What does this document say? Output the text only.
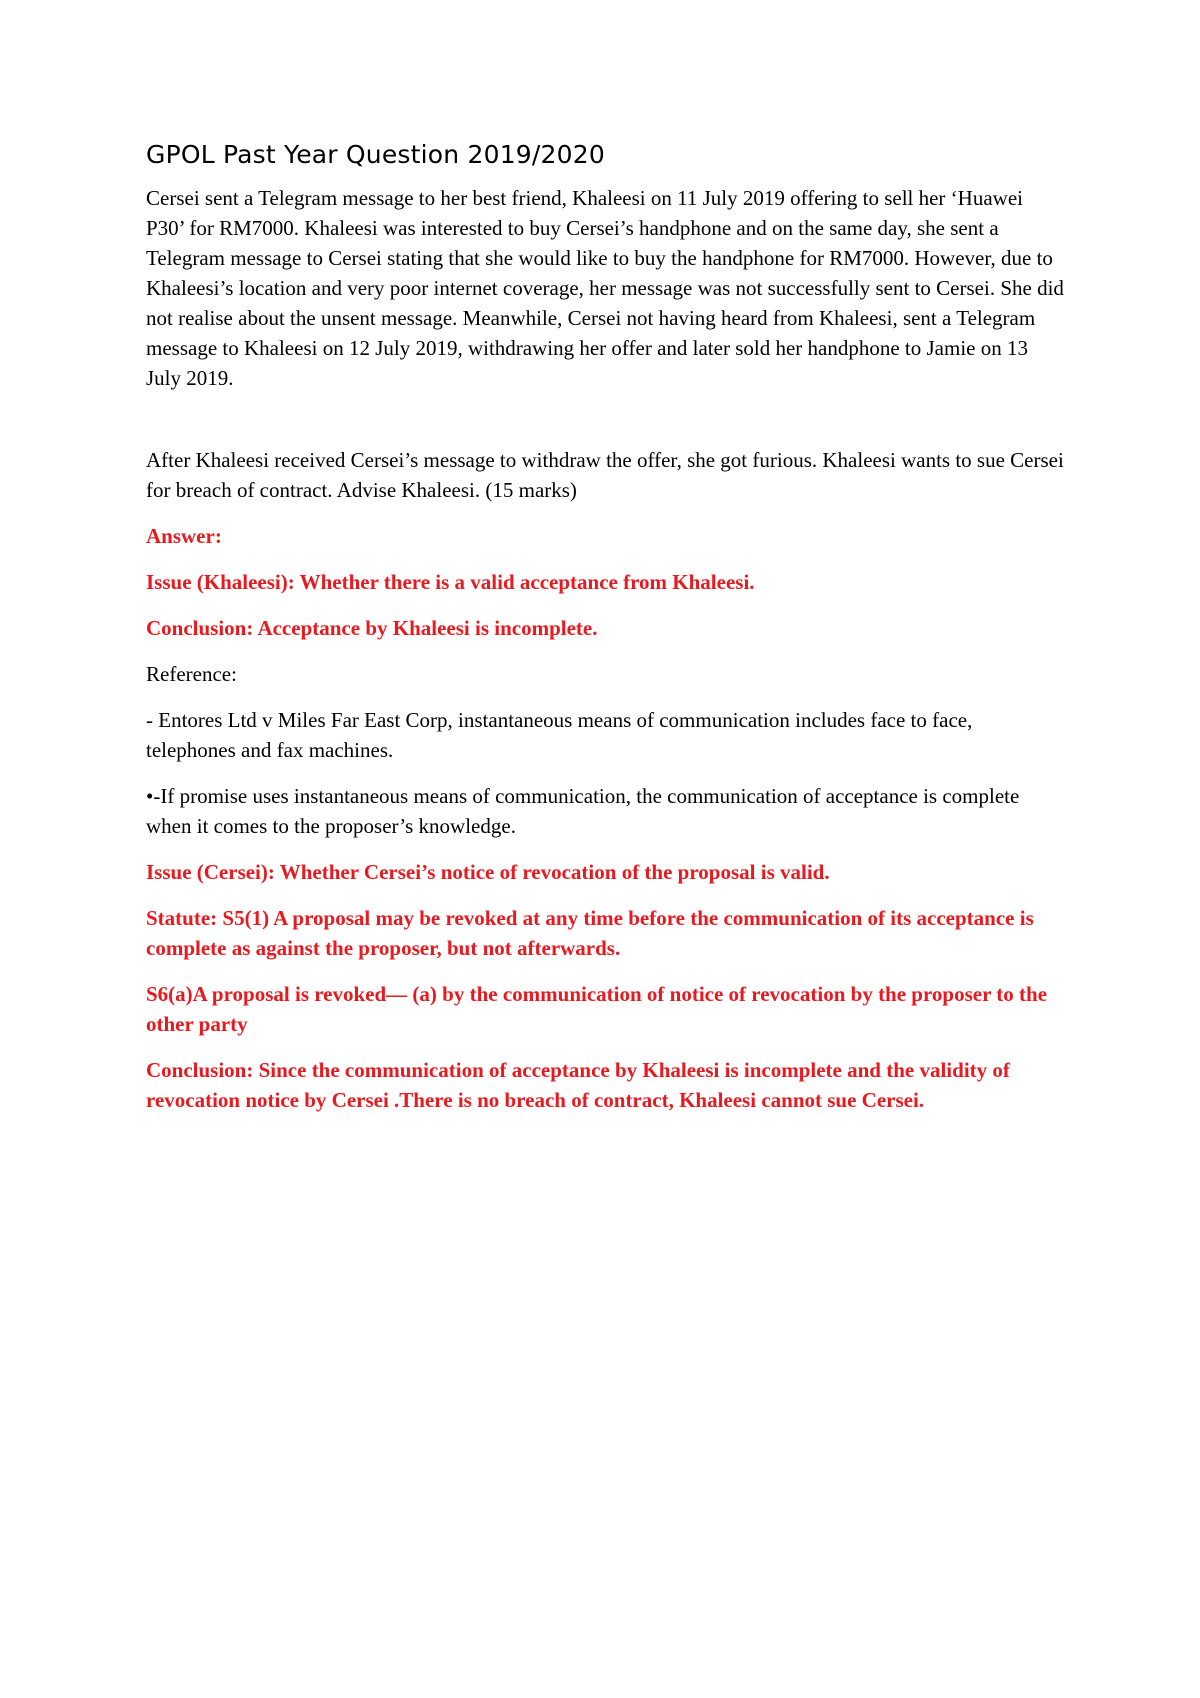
GPOL Past Year Question 2019/2020

Cersei sent a Telegram message to her best friend, Khaleesi on 11 July 2019 offering to sell her ‘Huawei P30’ for RM7000. Khaleesi was interested to buy Cersei’s handphone and on the same day, she sent a Telegram message to Cersei stating that she would like to buy the handphone for RM7000. However, due to Khaleesi’s location and very poor internet coverage, her message was not successfully sent to Cersei. She did not realise about the unsent message. Meanwhile, Cersei not having heard from Khaleesi, sent a Telegram message to Khaleesi on 12 July 2019, withdrawing her offer and later sold her handphone to Jamie on 13 July 2019.

After Khaleesi received Cersei’s message to withdraw the offer, she got furious. Khaleesi wants to sue Cersei for breach of contract. Advise Khaleesi. (15 marks)

Answer:

Issue (Khaleesi): Whether there is a valid acceptance from Khaleesi.

Conclusion: Acceptance by Khaleesi is incomplete.

Reference:

- Entores Ltd v Miles Far East Corp, instantaneous means of communication includes face to face, telephones and fax machines.

•-If promise uses instantaneous means of communication, the communication of acceptance is complete when it comes to the proposer’s knowledge.

Issue (Cersei): Whether Cersei’s notice of revocation of the proposal is valid.

Statute: S5(1) A proposal may be revoked at any time before the communication of its acceptance is complete as against the proposer, but not afterwards.

S6(a)A proposal is revoked— (a) by the communication of notice of revocation by the proposer to the other party

Conclusion: Since the communication of acceptance by Khaleesi is incomplete and the validity of revocation notice by Cersei .There is no breach of contract, Khaleesi cannot sue Cersei.
